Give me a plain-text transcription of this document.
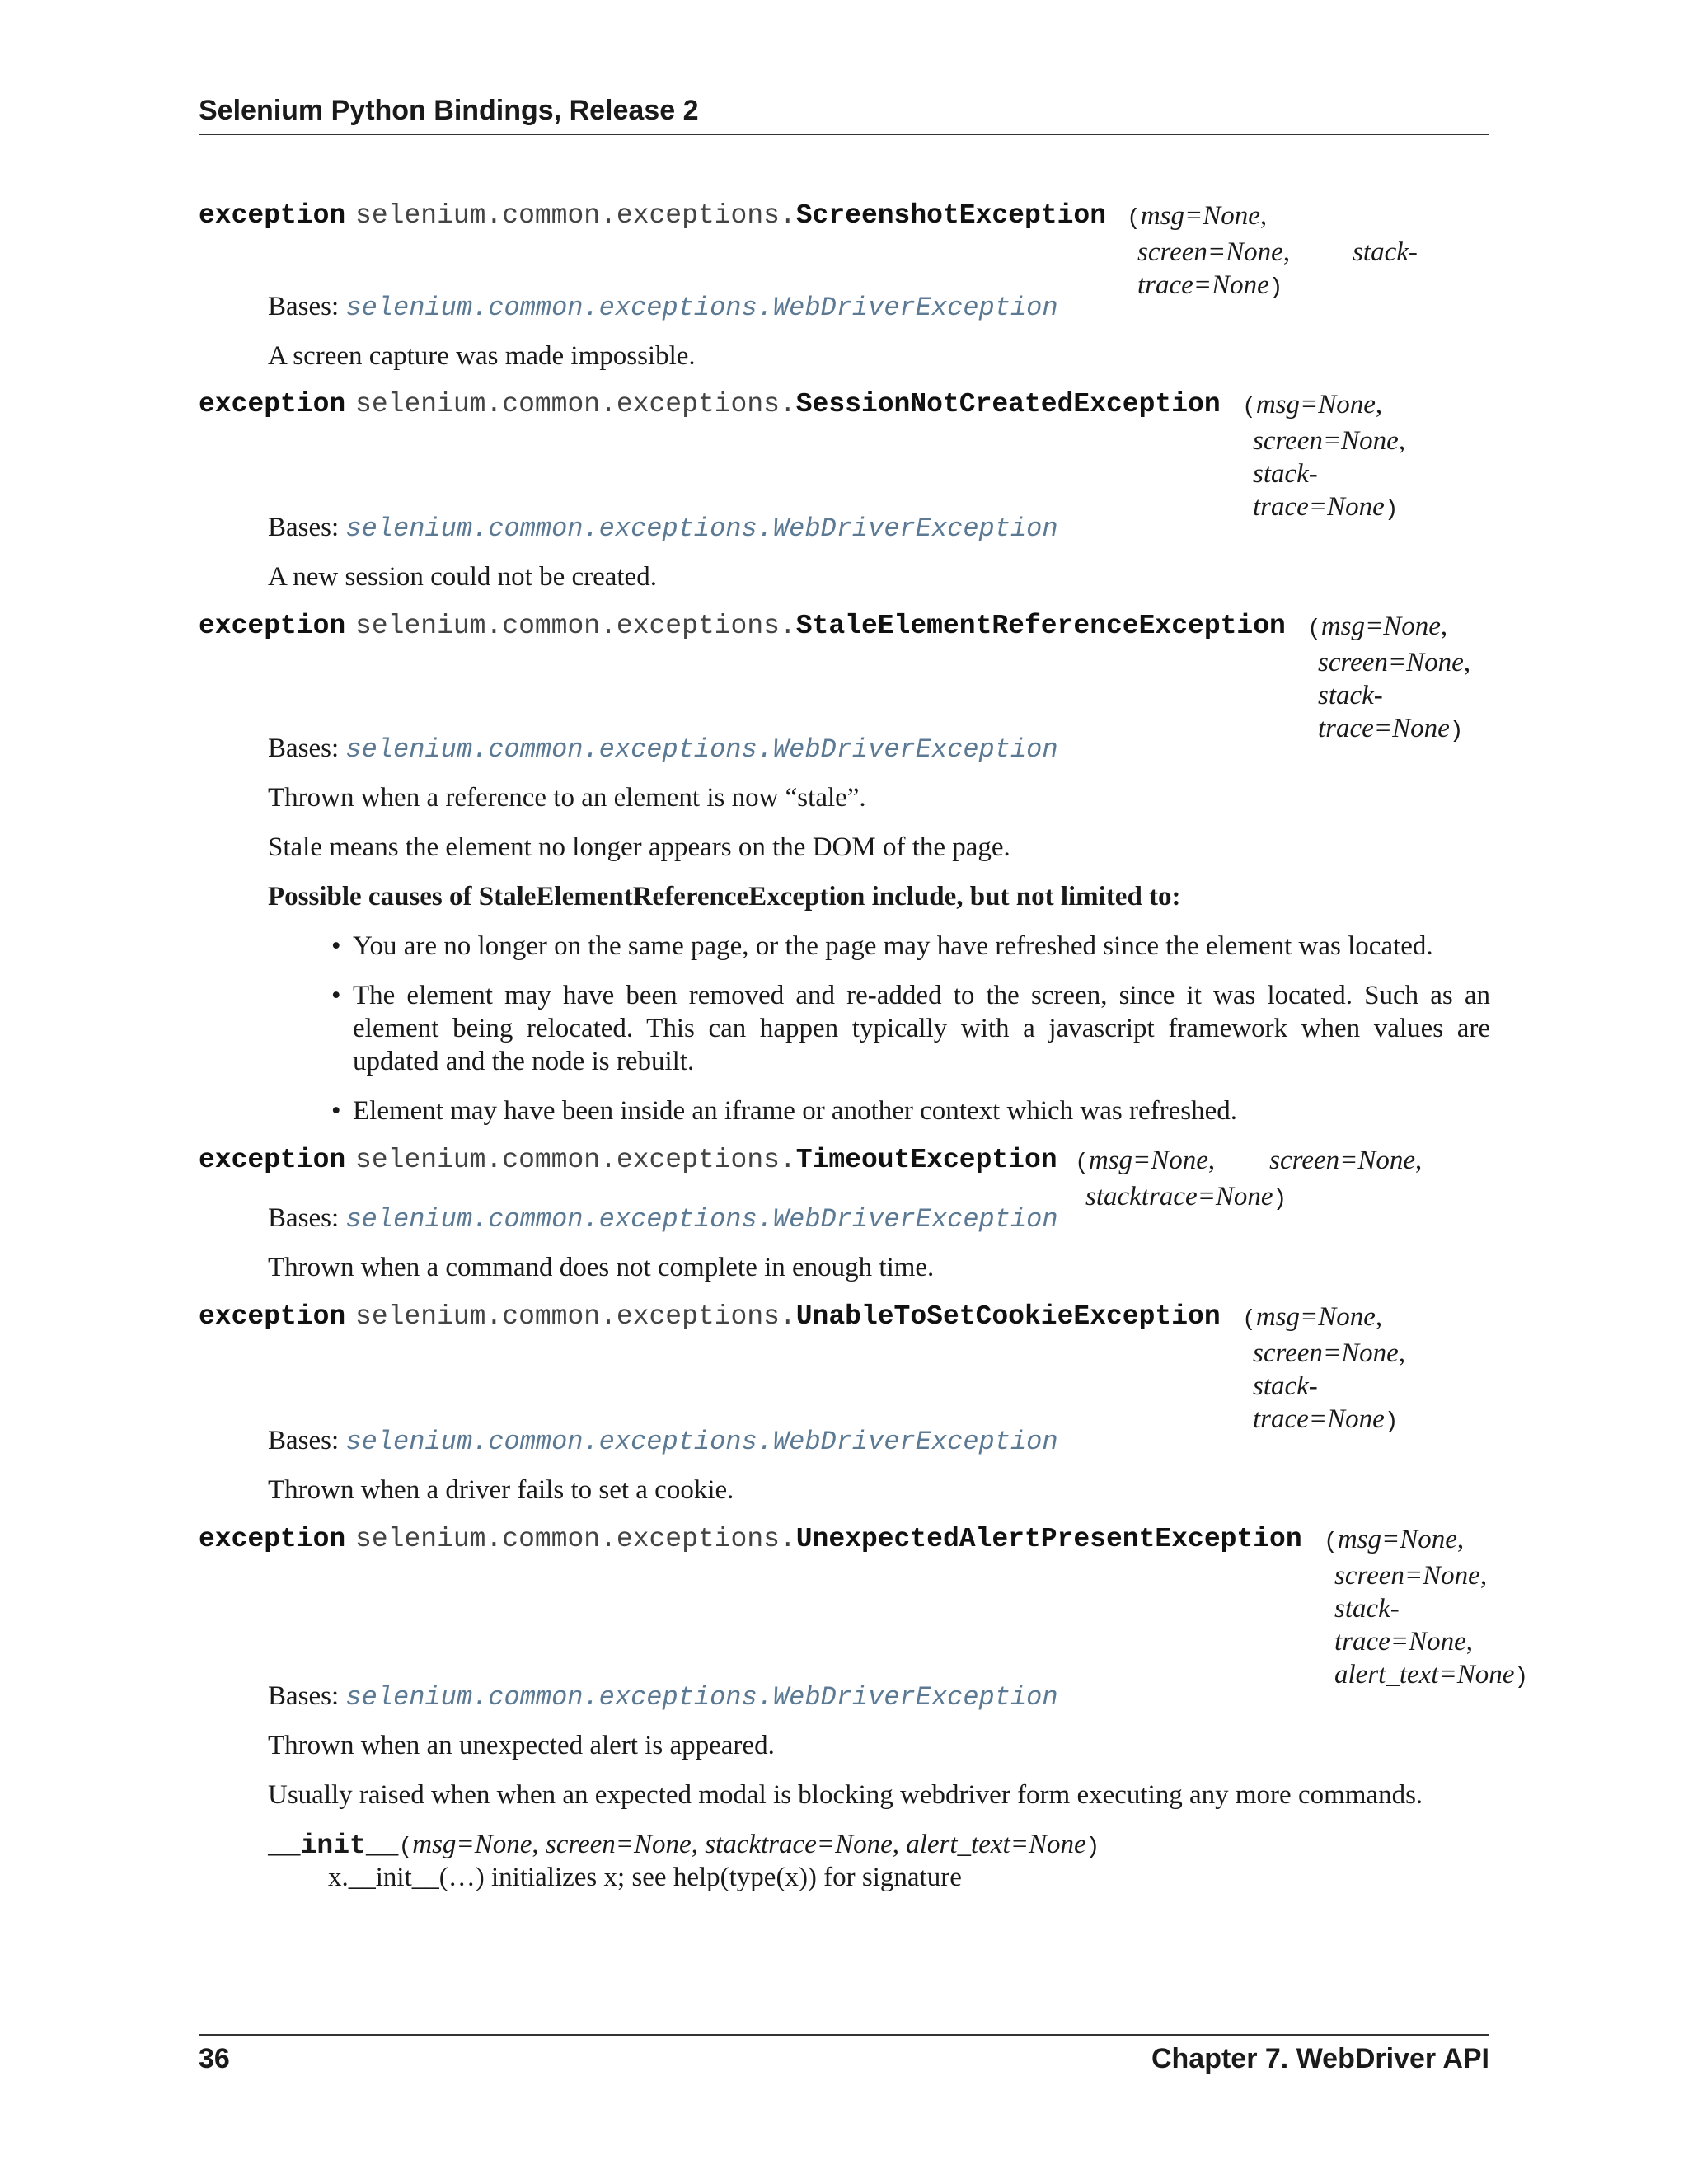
Selenium Python Bindings, Release 2
exception selenium.common.exceptions.ScreenshotException (msg=None,
screen=None, stack-
trace=None)
Bases: selenium.common.exceptions.WebDriverException
A screen capture was made impossible.
exception selenium.common.exceptions.SessionNotCreatedException (msg=None,
screen=None,
stack-
trace=None)
Bases: selenium.common.exceptions.WebDriverException
A new session could not be created.
exception selenium.common.exceptions.StaleElementReferenceException (msg=None,
screen=None,
stack-
trace=None)
Bases: selenium.common.exceptions.WebDriverException
Thrown when a reference to an element is now “stale”.
Stale means the element no longer appears on the DOM of the page.
Possible causes of StaleElementReferenceException include, but not limited to:
• You are no longer on the same page, or the page may have refreshed since the element was located.
• The element may have been removed and re-added to the screen, since it was located. Such as an element being relocated. This can happen typically with a javascript framework when values are updated and the node is rebuilt.
• Element may have been inside an iframe or another context which was refreshed.
exception selenium.common.exceptions.TimeoutException (msg=None, screen=None,
stacktrace=None)
Bases: selenium.common.exceptions.WebDriverException
Thrown when a command does not complete in enough time.
exception selenium.common.exceptions.UnableToSetCookieException (msg=None,
screen=None,
stack-
trace=None)
Bases: selenium.common.exceptions.WebDriverException
Thrown when a driver fails to set a cookie.
exception selenium.common.exceptions.UnexpectedAlertPresentException (msg=None,
screen=None,
stack-
trace=None,
alert_text=None)
Bases: selenium.common.exceptions.WebDriverException
Thrown when an unexpected alert is appeared.
Usually raised when when an expected modal is blocking webdriver form executing any more commands.
__init__(msg=None, screen=None, stacktrace=None, alert_text=None)
x.__init__(…) initializes x; see help(type(x)) for signature
36	Chapter 7. WebDriver API
